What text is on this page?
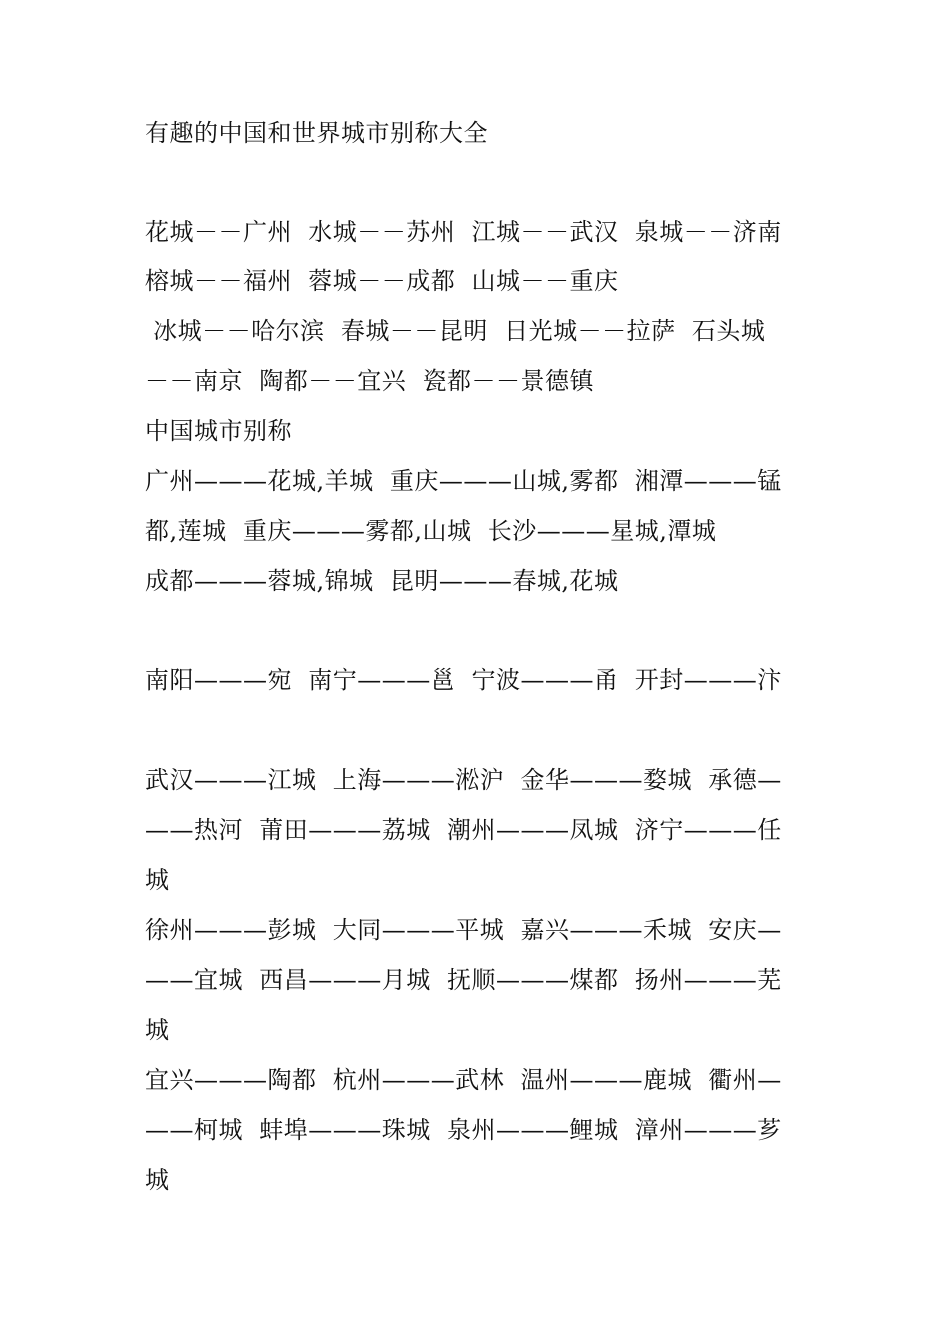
有趣的中国和世界城市别称大全
花城－－广州  水城－－苏州  江城－－武汉  泉城－－济南
榕城－－福州  蓉城－－成都  山城－－重庆
冰城－－哈尔滨  春城－－昆明  日光城－－拉萨  石头城
－－南京  陶都－－宜兴  瓷都－－景德镇
中国城市别称
广州———花城,羊城  重庆———山城,雾都  湘潭———锰
都,莲城  重庆———雾都,山城  长沙———星城,潭城
成都———蓉城,锦城  昆明———春城,花城
南阳———宛  南宁———邕  宁波———甬  开封———汴
武汉———江城  上海———淞沪  金华———婺城  承德—
——热河  莆田———荔城  潮州———凤城  济宁———任
城
徐州———彭城  大同———平城  嘉兴———禾城  安庆—
——宜城  西昌———月城  抚顺———煤都  扬州———芜
城
宜兴———陶都  杭州———武林  温州———鹿城  衢州—
——柯城  蚌埠———珠城  泉州———鲤城  漳州———芗
城
